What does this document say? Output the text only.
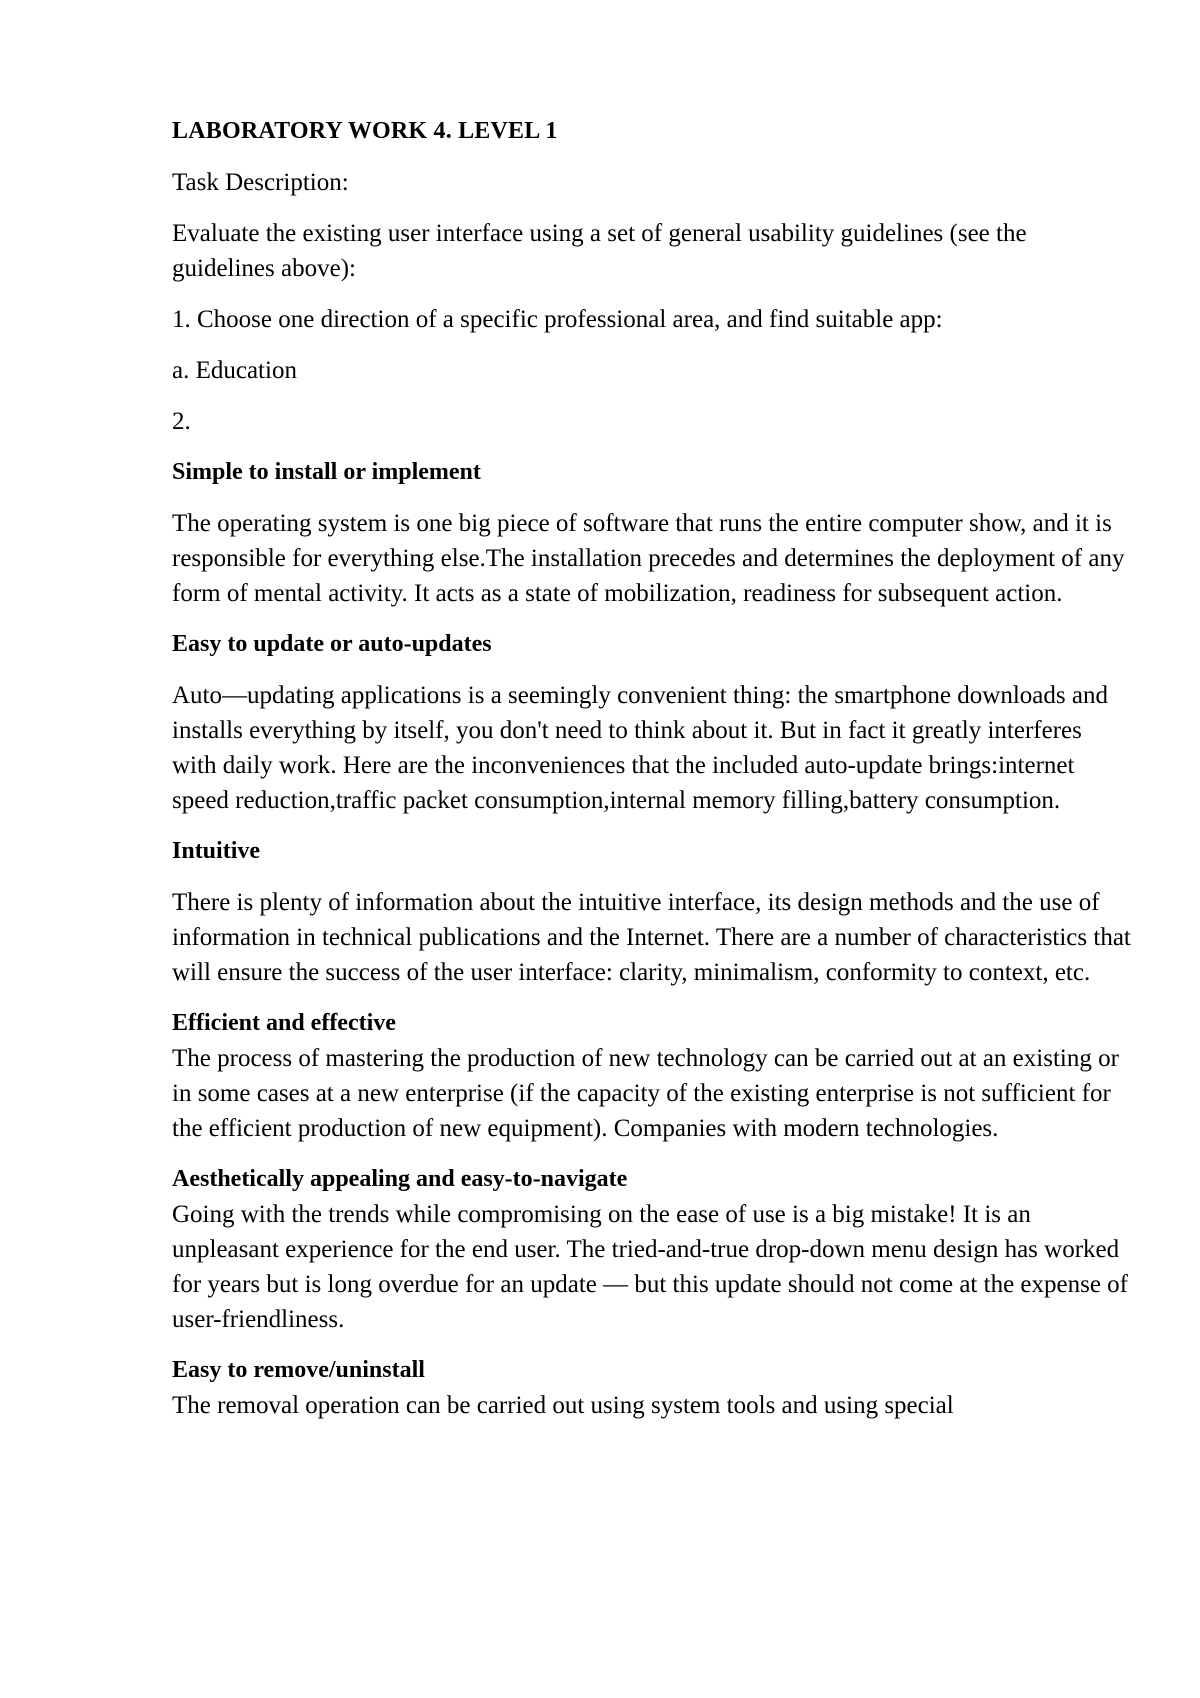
LABORATORY WORK 4. LEVEL 1

Task Description:

Evaluate the existing user interface using a set of general usability guidelines (see the guidelines above):

1. Choose one direction of a specific professional area, and find suitable app:

a. Education

2.

Simple to install or implement

The operating system is one big piece of software that runs the entire computer show, and it is responsible for everything else.The installation precedes and determines the deployment of any form of mental activity. It acts as a state of mobilization, readiness for subsequent action.

Easy to update or auto-updates

Auto—updating applications is a seemingly convenient thing: the smartphone downloads and installs everything by itself, you don't need to think about it. But in fact it greatly interferes with daily work. Here are the inconveniences that the included auto-update brings:internet speed reduction,traffic packet consumption,internal memory filling,battery consumption.

Intuitive

There is plenty of information about the intuitive interface, its design methods and the use of information in technical publications and the Internet. There are a number of characteristics that will ensure the success of the user interface: clarity, minimalism, conformity to context, etc.

Efficient and effective

The process of mastering the production of new technology can be carried out at an existing or in some cases at a new enterprise (if the capacity of the existing enterprise is not sufficient for the efficient production of new equipment). Companies with modern technologies.

Aesthetically appealing and easy-to-navigate

Going with the trends while compromising on the ease of use is a big mistake! It is an unpleasant experience for the end user. The tried-and-true drop-down menu design has worked for years but is long overdue for an update — but this update should not come at the expense of user-friendliness.

Easy to remove/uninstall

The removal operation can be carried out using system tools and using special
